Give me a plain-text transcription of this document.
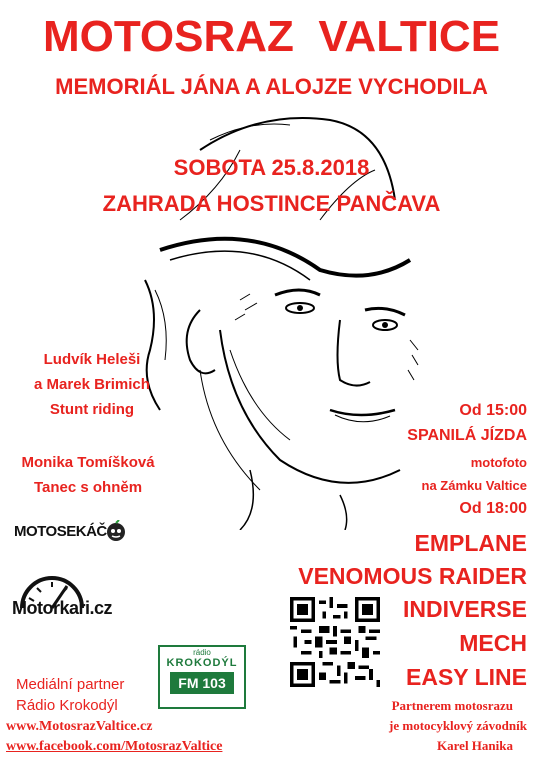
MOTOSRAZ  VALTICE
MEMORIÁL JÁNA A ALOJZE VYCHODILA
SOBOTA 25.8.2018
ZAHRADA HOSTINCE PANČAVA
Ludvík Heleši
a Marek Brimich
Stunt riding
Monika Tomíšková
Tanec s ohněm
MOTOSEKÁČ
Motorkari.cz
rádio
KROKODÝL
FM 103
Od 15:00
SPANILÁ JÍZDA
motofoto
na Zámku Valtice
Od 18:00
EMPLANE
VENOMOUS RAIDER
INDIVERSE
MECH
EASY LINE
Mediální partner
Rádio Krokodýl
www.MotosrazValtice.cz
www.facebook.com/MotosrazValtice
Partnerem motosrazu
je motocyklový závodník
Karel Hanika
